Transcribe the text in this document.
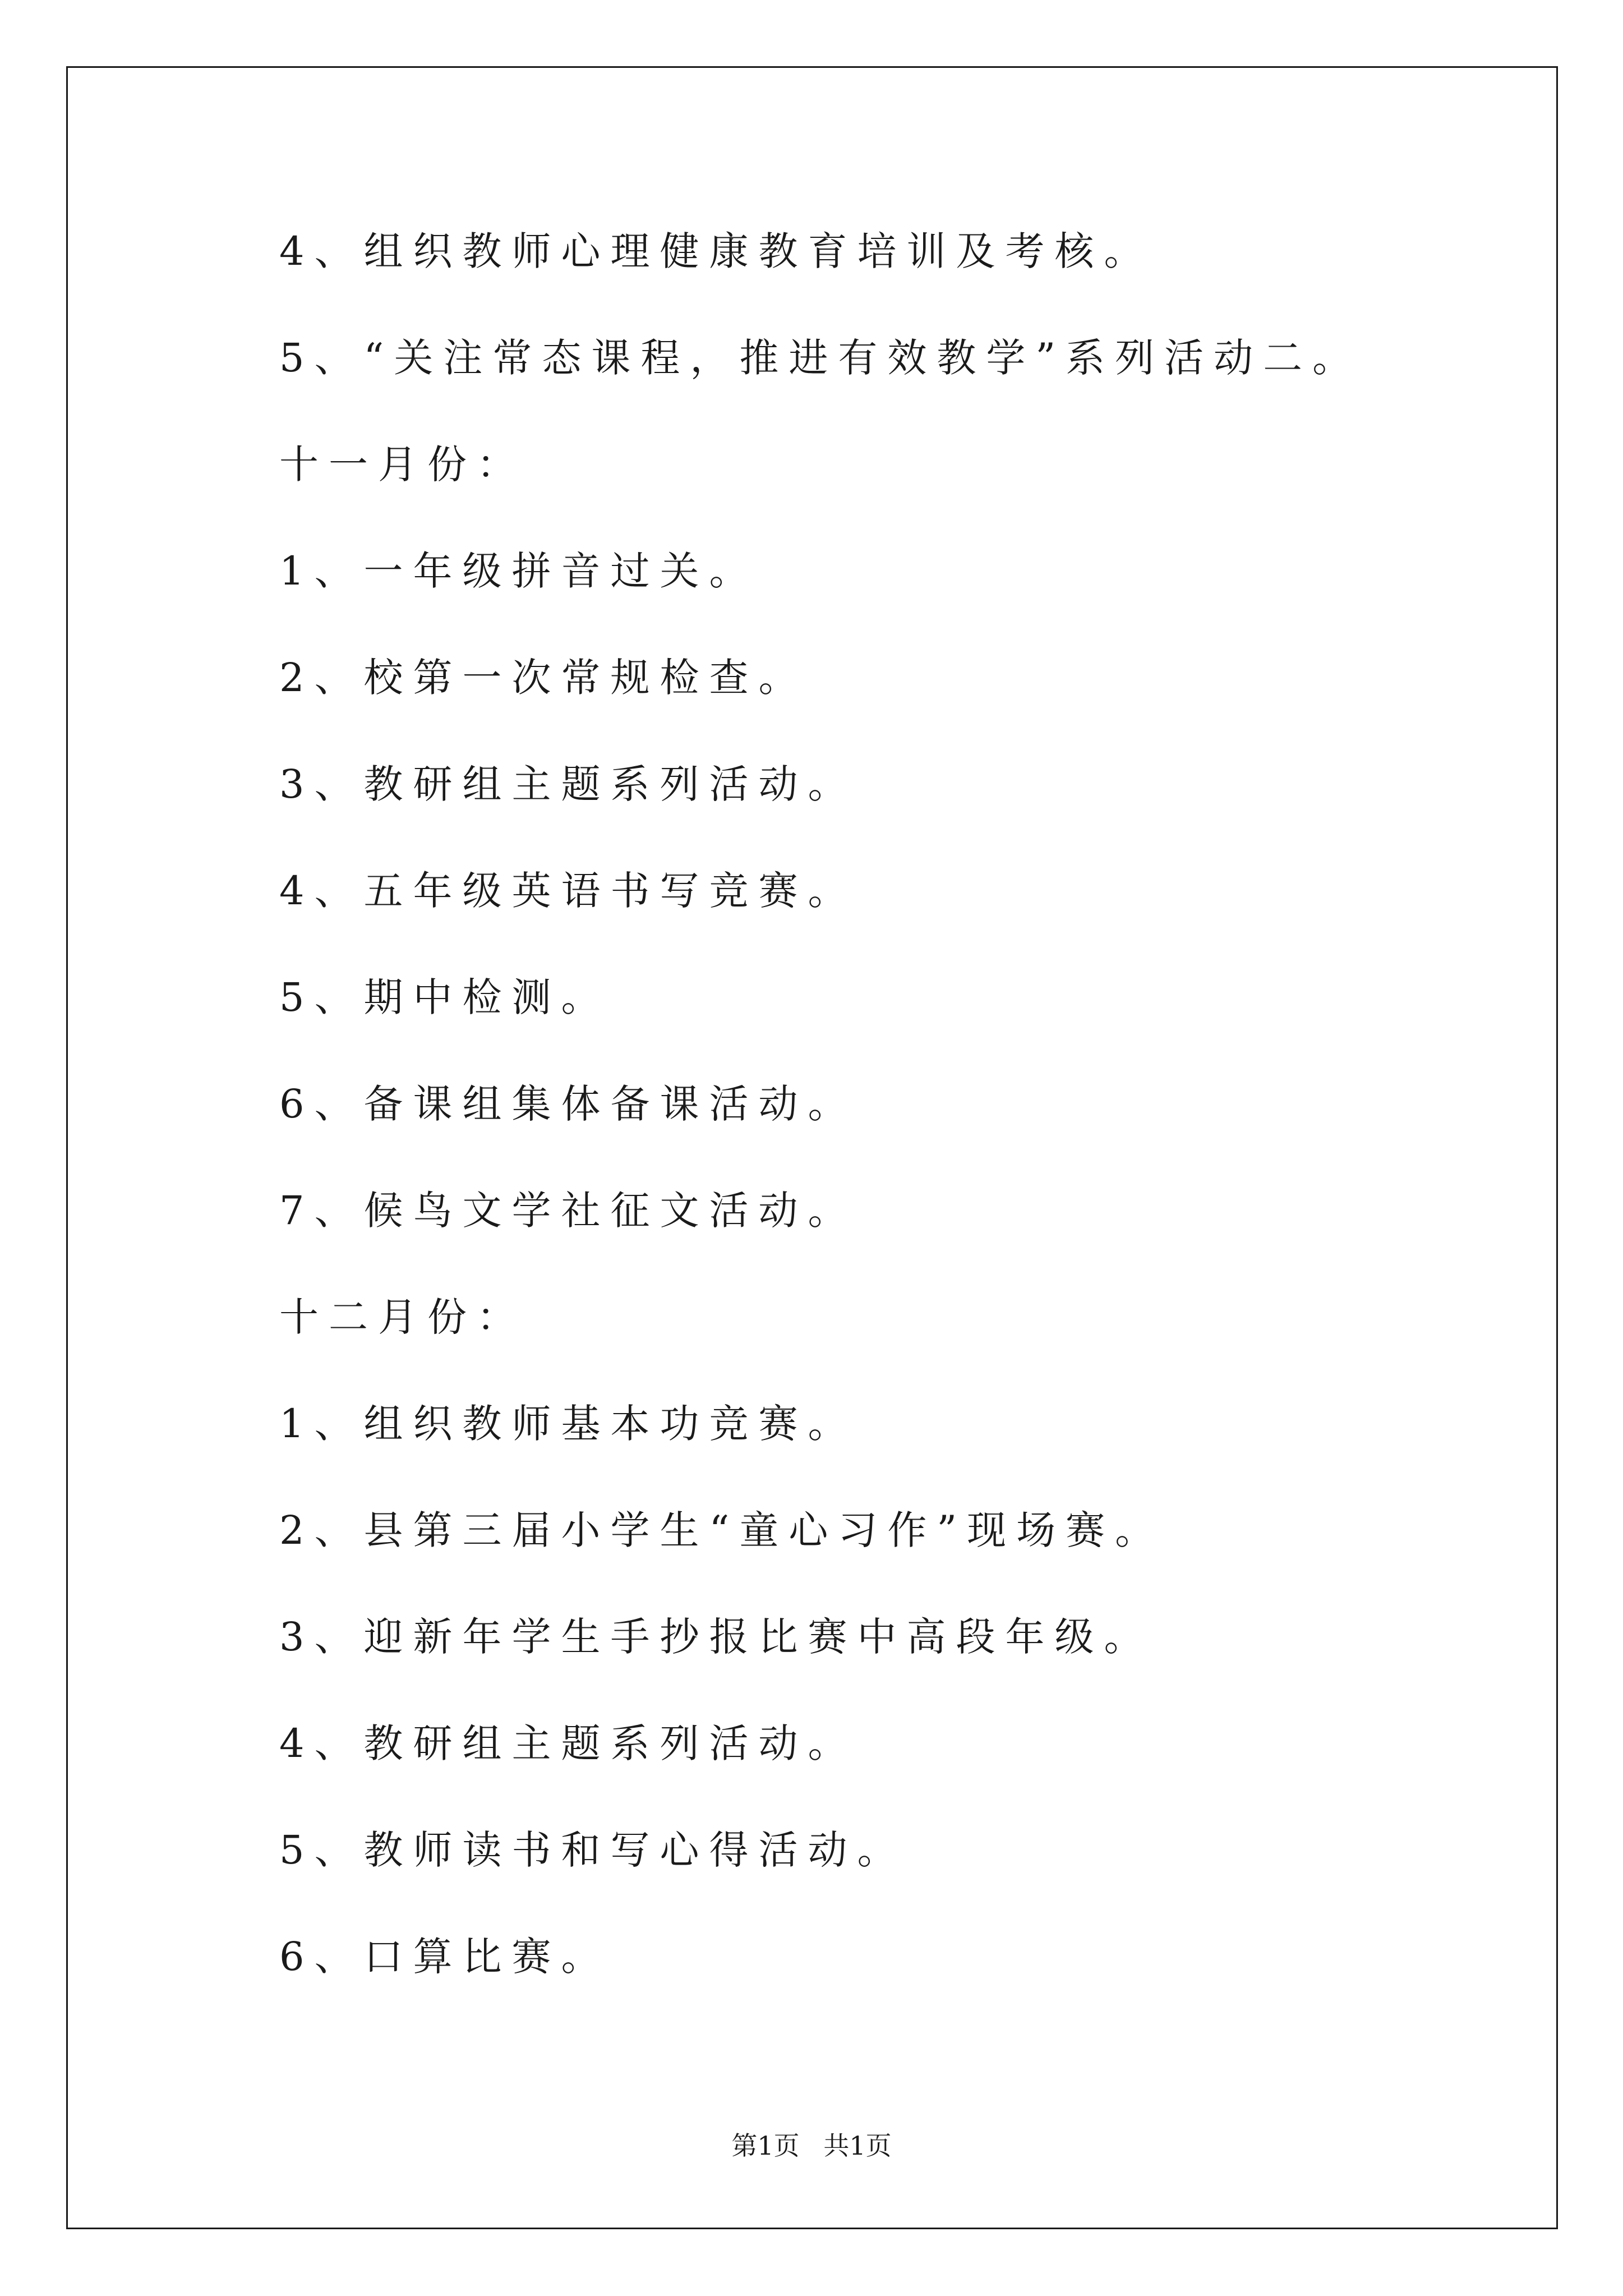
4、组织教师心理健康教育培训及考核。
5、“关注常态课程，推进有效教学”系列活动二。
十一月份：
1、一年级拼音过关。
2、校第一次常规检查。
3、教研组主题系列活动。
4、五年级英语书写竞赛。
5、期中检测。
6、备课组集体备课活动。
7、候鸟文学社征文活动。
十二月份：
1、组织教师基本功竞赛。
2、县第三届小学生“童心习作”现场赛。
3、迎新年学生手抄报比赛中高段年级。
4、教研组主题系列活动。
5、教师读书和写心得活动。
6、口算比赛。
第1页 共1页
